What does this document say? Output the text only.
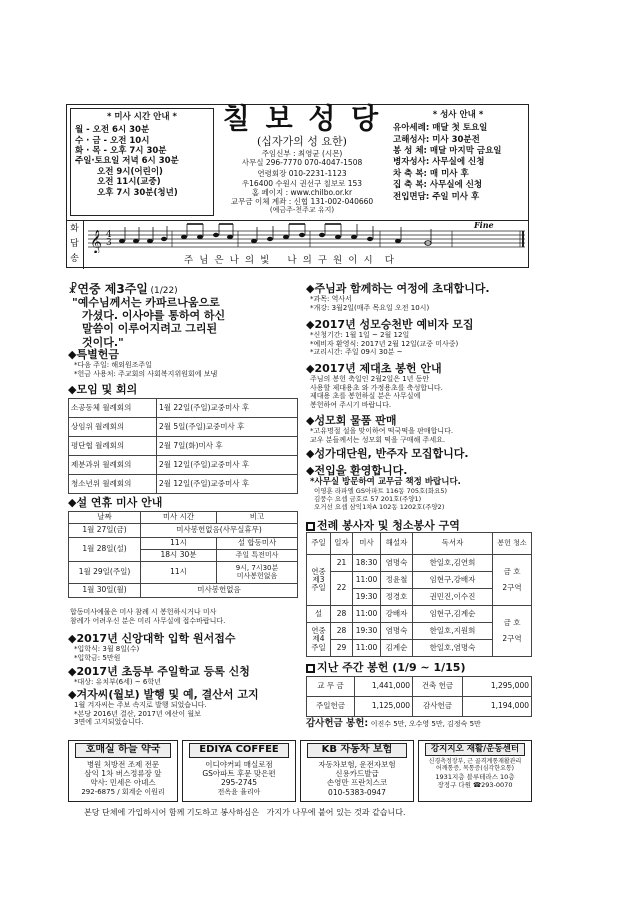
* 미사 시간 안내 *
월 - 오전 6시 30분
수 · 금 - 오전 10시
화 · 목 - 오후 7시 30분
주일·토요일 저녁 6시 30분
오전 9시(어린이)
오전 11시(교중)
오후 7시 30분(청년)
칠 보 성 당
(십자가의 성 요한)
주임신부 : 최영균 (시몬)
사무실 296-7770 070-4047-1508
연령회장 010-2231-1123
우16400 수원시 권선구 칠보로 153
홈 페이지 : www.chilbo.or.kr
교무금 이체 계좌 : 신협 131-002-040660
(예금주-천주교 유지)
* 성사 안내 *
유아세례: 매달 첫 토요일
고해성사: 미사 30분전
봉 성 체: 매달 마지막 금요일
병자성사: 사무실에 신청
차 축 복: 매 미사 후
집 축 복: 사무실에 신청
전입면담: 주일 미사 후
화
답
송
𝄞 3
4
Fine
주  님  은  나  의  빛      나  의  구  원  이  시    다
☧연중 제3주일 (1/22)
"예수님께서는 카파르나움으로
가셨다. 이사야를 통하여 하신
말씀이 이루어지려고 그리된
것이다."
◆특별헌금
*다음 주일: 해외원조주일
*헌금 사용처: 주교회의 사회복지위원회에 보냄
◆모임 및 회의
소공동체 월례회의	1월 22일(주일)교중미사 후
상임위 월례회의	2월 5일(주일)교중미사 후
평단협 월례회의	2월 7일(화)미사 후
제분과위 월례회의	2월 12일(주일)교중미사 후
청소년위 월례회의	2월 12일(주일)교중미사 후
◆설 연휴 미사 안내
날짜	미사 시간	비고
1월 27일(금)	미사봉헌없음(사무실휴무)	
1월 28일(설)	11시	설 합동미사
	18시 30분	주일 특전미사
1월 29일(주일)	11시	9시, 7시30분
미사봉헌없음

1월 30일(월)	미사봉헌없음	
합동미사예물은 미사 참례 시 봉헌하시거나 미사
참례가 어려우신 분은 미리 사무실에 접수바랍니다.
◆2017년 신앙대학 입학 원서접수
*입학식: 3월 8일(수)
*입학금: 5만원
◆2017년 초등부 주일학교 등록 신청
*대상: 유치부(6세) ~ 6학년
◆겨자씨(월보) 발행 및 예, 결산서 고지
1월 겨자씨는 주보 속지로 발행 되었습니다.
*본당 2016년 결산, 2017년 예산이 월보
3면에 고지되었습니다.
◆주님과 함께하는 여정에 초대합니다.
*과목: 역사서
*개강: 3월2일(매주 목요일 오전 10시)
◆2017년 성모승천반 예비자 모집
*신청기간: 1월 1일 ~ 2월 12일
*예비자 환영식: 2017년 2월 12일(교중 미사중)
*교리시간: 주일 09시 30분 ~
◆2017년 제대초 봉헌 안내
주님의 봉헌 축일인 2월2일은 1년 동안
사용할 제대용초 와 가정용초를 축성합니다.
제대용 초를 봉헌하실 분은 사무실에
봉헌하여 주시기 바랍니다.
◆성모회 물품 판매
*고유명절 설을 맞이하여 떡국떡을 판매합니다.
교우 분들께서는 성모회 떡을 구매해 주세요.
◆성가대단원, 반주자 모집합니다.
◆전입을 환영합니다.
*사무실 방문하여 교무금 책정 바랍니다.
이영훈 라파엘 GS아파트 116동 705호(화요5)
김풍수 요셉 금호로 57 201호(주양1)
오거선 요셉 삼익1차A 102동 1202호(주양2)
전례 봉사자 및 청소봉사 구역
주일	일자	미사	해설자	독서자	봉헌 청소
연중 제3 주일	21	18:30	염명숙	한일호,김연희	금 호
2구역

	22	11:00	정윤철	임현구,강배자	
		19:30	정경호	권민진,이수진	
설	28	11:00	강배자	임현구,김계순	금 호
2구역

연중 제4 주일	28	19:30	염명숙	한일호,지원희	
	29	11:00	김계순	한일호,염명숙	
지난 주간 봉헌 (1/9 ~ 1/15)
교 무 금	1,441,000	건축 헌금	1,295,000
주일헌금	1,125,000	감사헌금	1,194,000
감사헌금 봉헌: 이진수 5만, 오수영 5만, 김정숙 5만
호매실 하늘 약국
병원 처방전 조제 전문
삼익 1차 버스정류장 앞
약사: 민세은 아녜스
292-6875 / 회계순 이원리
EDIYA COFFEE
이디야커피 매실로점
GS아파트 후문 맞은편
295-2745
전옥윤 율리아
KB 자동차 보험
자동차보험, 운전자보험
신용카드발급
손영만 프란치스코
010-5383-0947
강지지오 재활/운동센터
신경측정장부, 근 골격계통재활관리
어깨통증, 목통증(심각한요통)
1931지층 블루테라스 10층
장정구 다원 ☎293-0070
본당 단체에 가입하시어 함께 기도하고 봉사하심은   가지가 나무에 붙어 있는 것과 같습니다.
